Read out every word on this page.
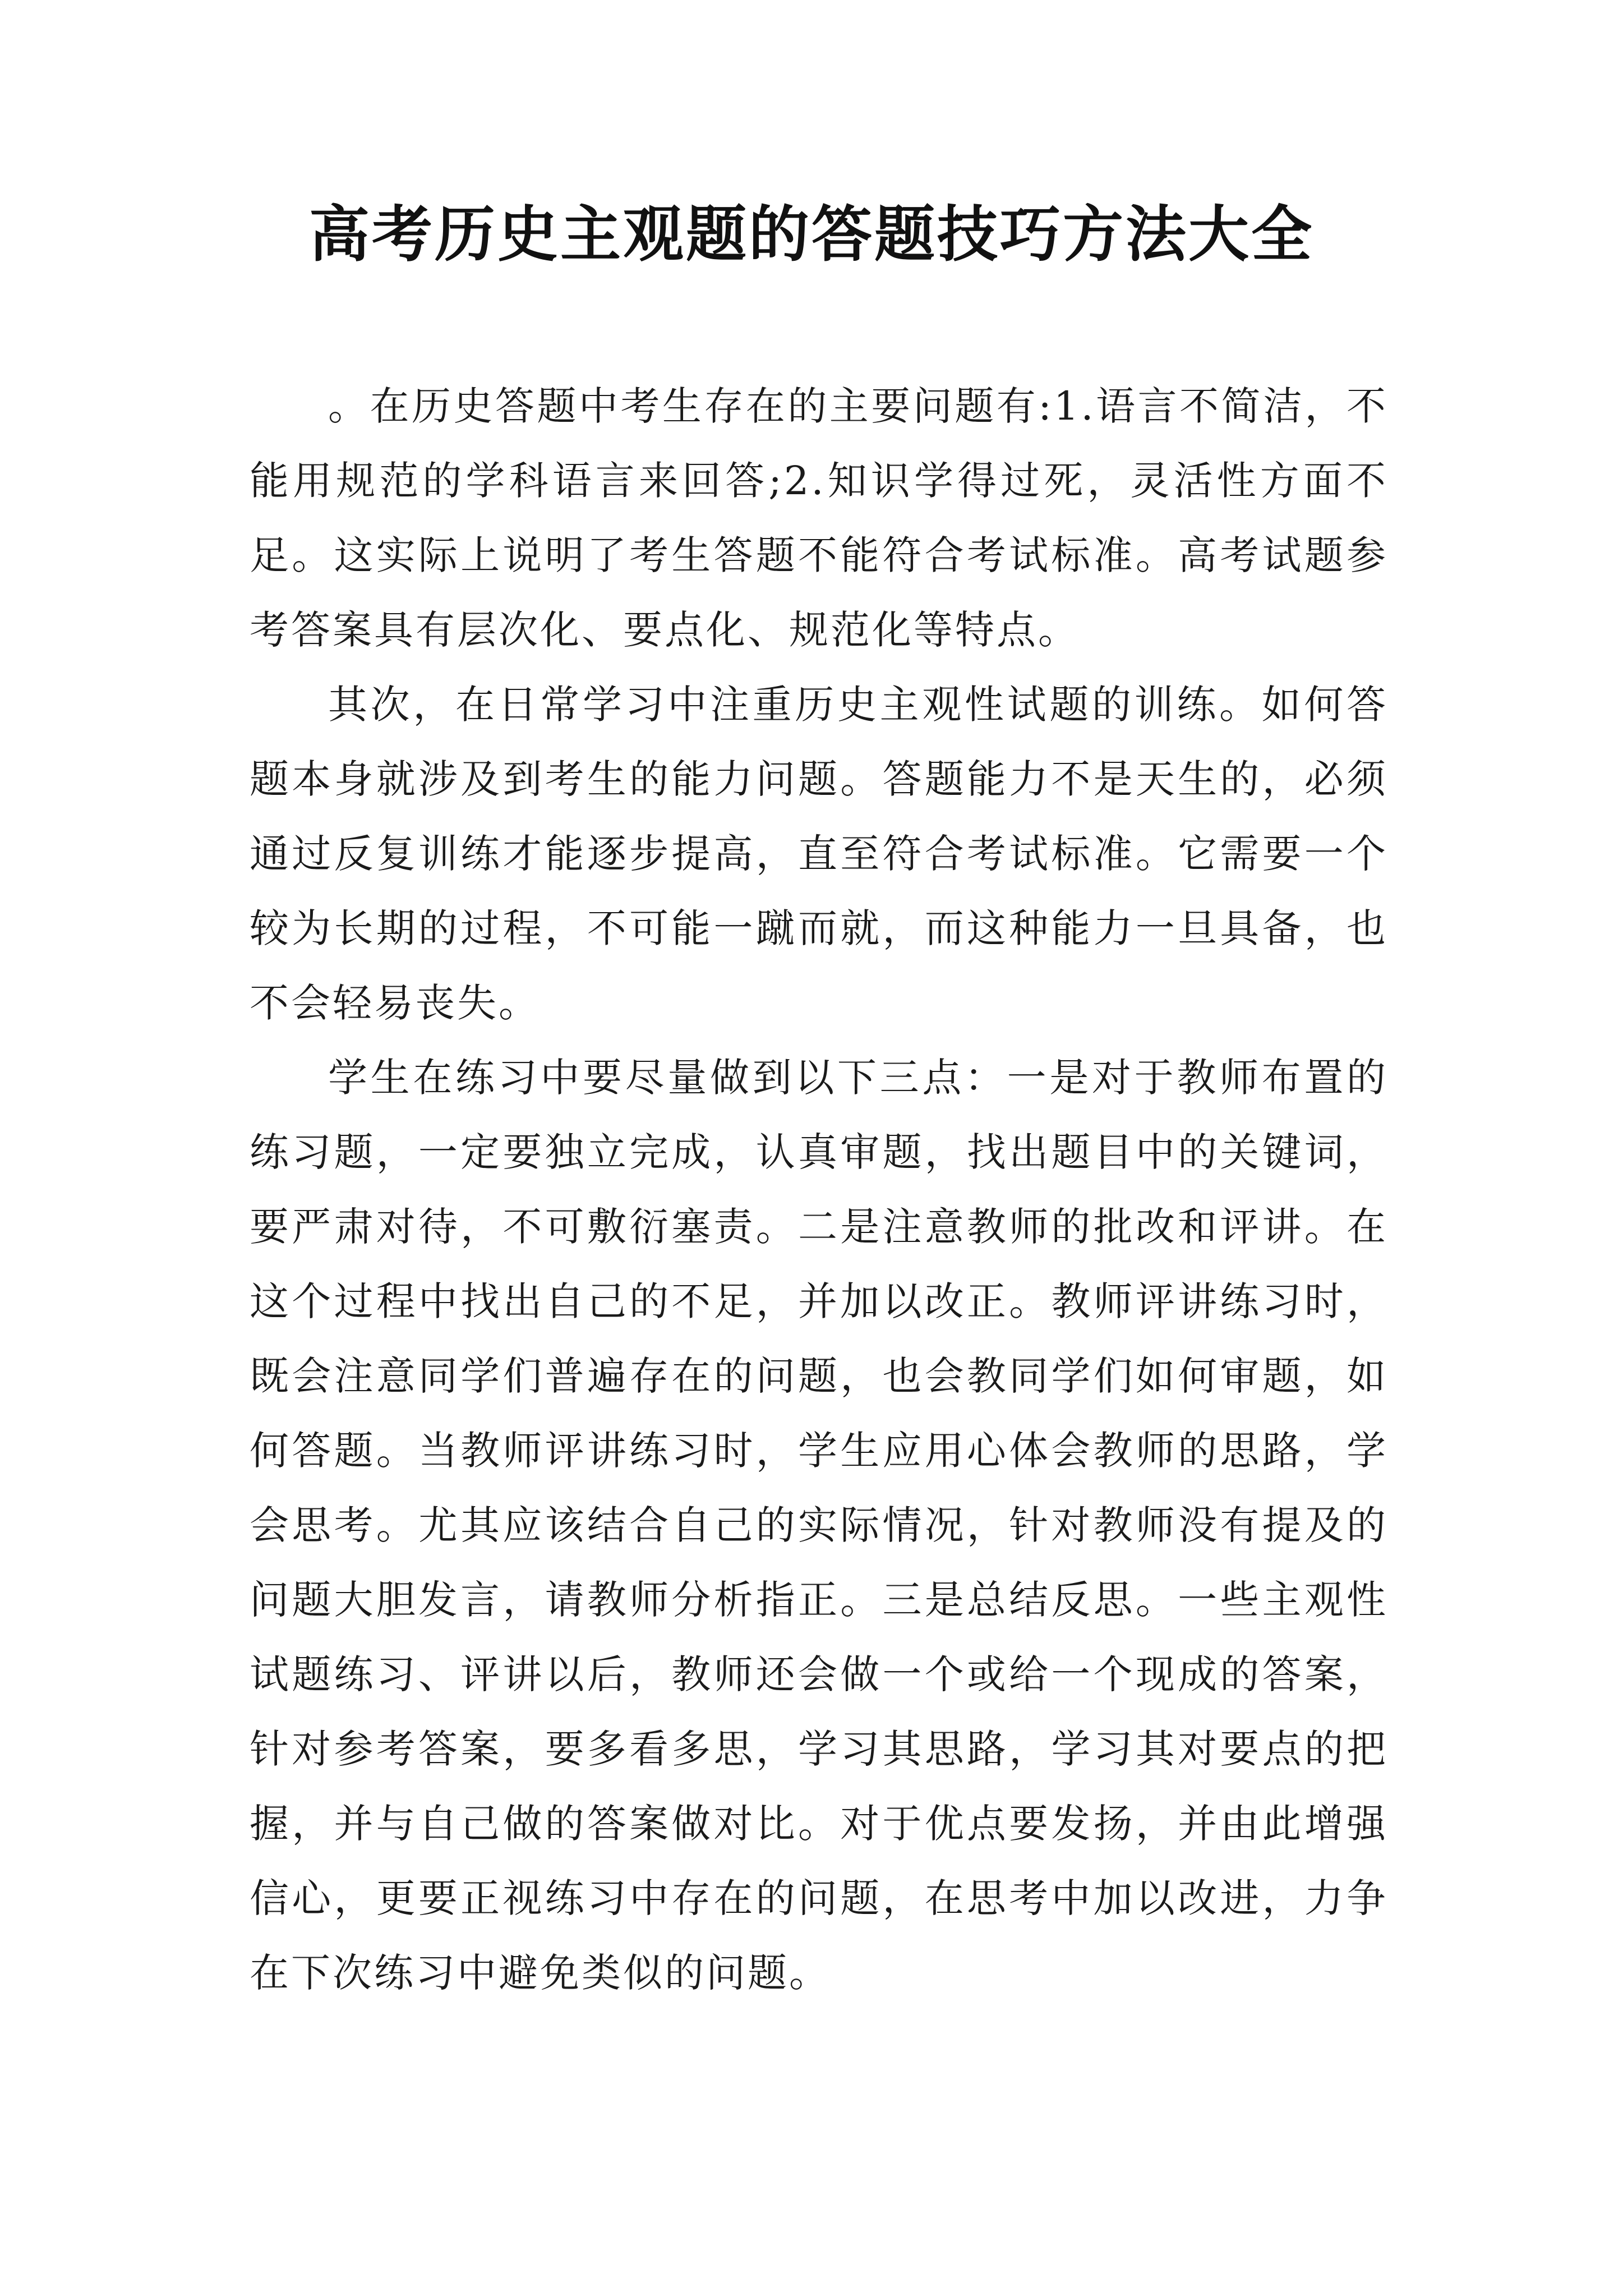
高考历史主观题的答题技巧方法大全

。在历史答题中考生存在的主要问题有:1.语言不简洁，不能用规范的学科语言来回答;2.知识学得过死，灵活性方面不足。这实际上说明了考生答题不能符合考试标准。高考试题参考答案具有层次化、要点化、规范化等特点。

其次，在日常学习中注重历史主观性试题的训练。如何答题本身就涉及到考生的能力问题。答题能力不是天生的，必须通过反复训练才能逐步提高，直至符合考试标准。它需要一个较为长期的过程，不可能一蹴而就，而这种能力一旦具备，也不会轻易丧失。

学生在练习中要尽量做到以下三点：一是对于教师布置的练习题，一定要独立完成，认真审题，找出题目中的关键词，要严肃对待，不可敷衍塞责。二是注意教师的批改和评讲。在这个过程中找出自己的不足，并加以改正。教师评讲练习时，既会注意同学们普遍存在的问题，也会教同学们如何审题，如何答题。当教师评讲练习时，学生应用心体会教师的思路，学会思考。尤其应该结合自己的实际情况，针对教师没有提及的问题大胆发言，请教师分析指正。三是总结反思。一些主观性试题练习、评讲以后，教师还会做一个或给一个现成的答案，针对参考答案，要多看多思，学习其思路，学习其对要点的把握，并与自己做的答案做对比。对于优点要发扬，并由此增强信心，更要正视练习中存在的问题，在思考中加以改进，力争在下次练习中避免类似的问题。
